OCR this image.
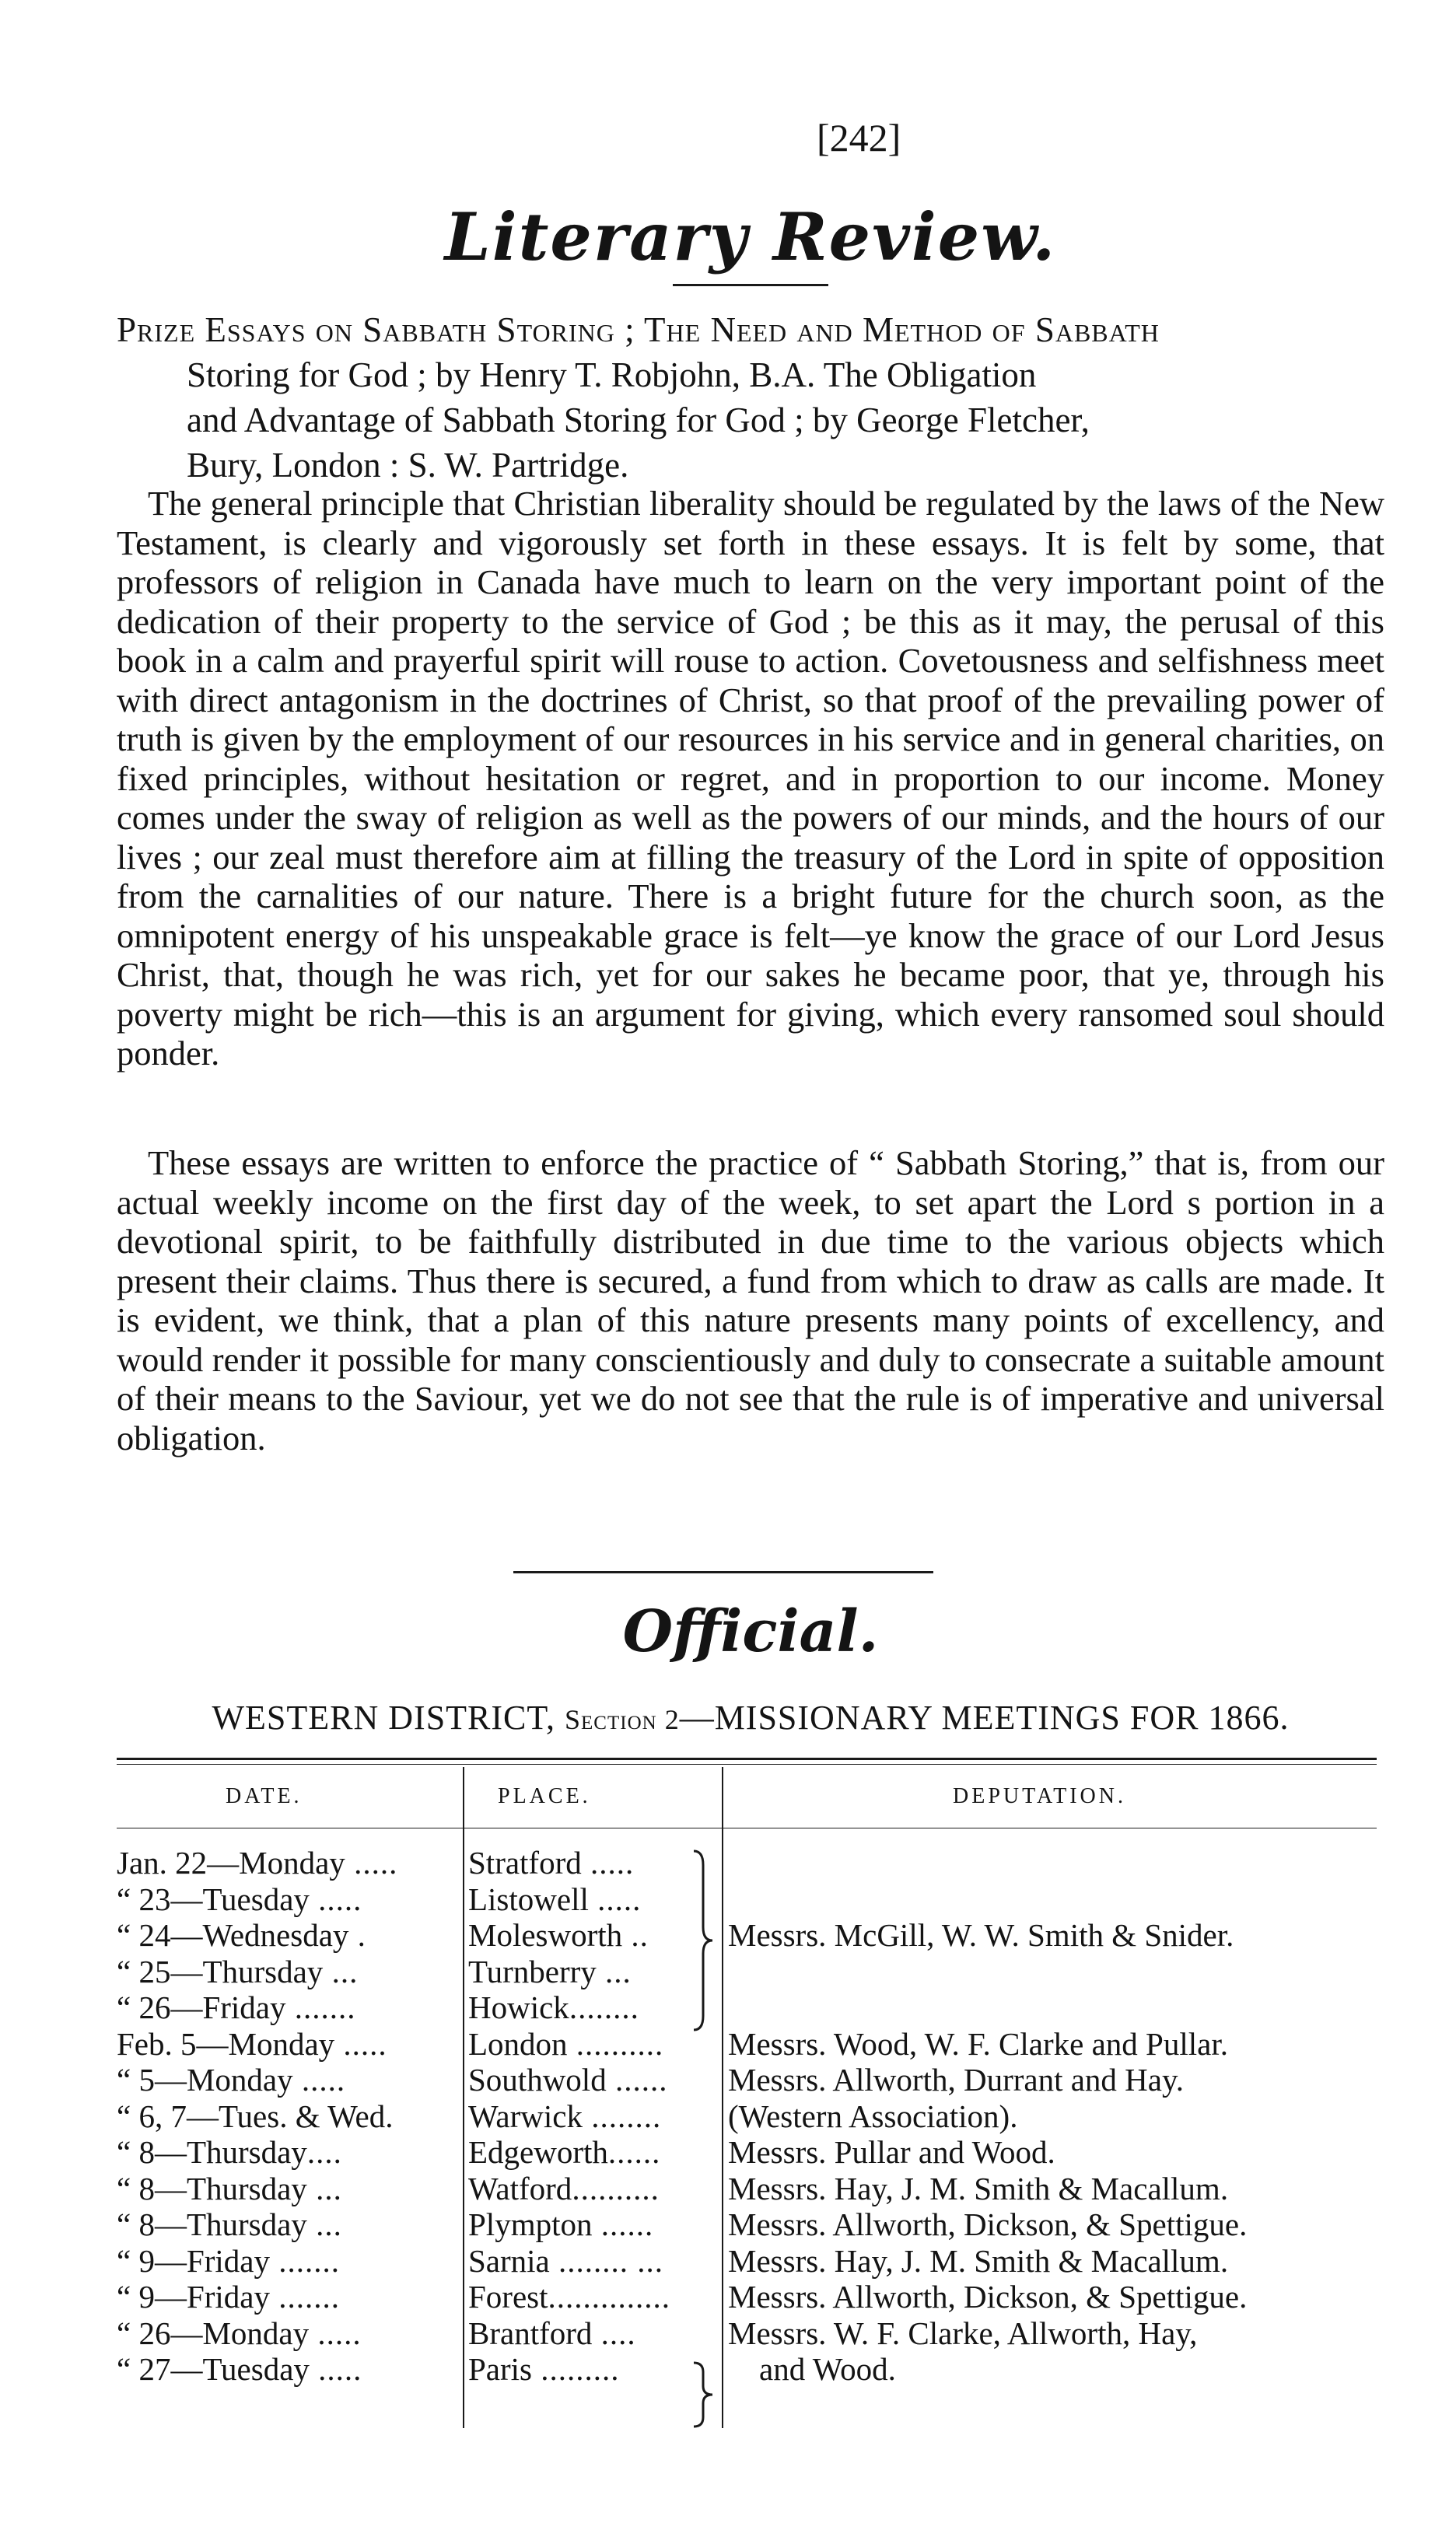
[242]
Literary Review.
Prize Essays on Sabbath Storing ; The Need and Method of Sabbath
Storing for God ; by Henry T. Robjohn, B.A. The Obligation
and Advantage of Sabbath Storing for God ; by George Fletcher,
Bury, London : S. W. Partridge.

The general principle that Christian liberality should be regulated by the laws of the New Testament, is clearly and vigorously set forth in these essays. It is felt by some, that professors of religion in Canada have much to learn on the very important point of the dedication of their property to the service of God ; be this as it may, the perusal of this book in a calm and prayerful spirit will rouse to action. Covetousness and selfishness meet with direct antagonism in the doctrines of Christ, so that proof of the prevailing power of truth is given by the employment of our resources in his service and in general charities, on fixed principles, without hesitation or regret, and in proportion to our income. Money comes under the sway of religion as well as the powers of our minds, and the hours of our lives ; our zeal must therefore aim at filling the treasury of the Lord in spite of opposition from the carnalities of our nature. There is a bright future for the church soon, as the omnipotent energy of his unspeakable grace is felt—ye know the grace of our Lord Jesus Christ, that, though he was rich, yet for our sakes he became poor, that ye, through his poverty might be rich—this is an argument for giving, which every ransomed soul should ponder.

These essays are written to enforce the practice of “ Sabbath Storing,” that is, from our actual weekly income on the first day of the week, to set apart the Lord s portion in a devotional spirit, to be faithfully distributed in due time to the various objects which present their claims. Thus there is secured, a fund from which to draw as calls are made. It is evident, we think, that a plan of this nature presents many points of excellency, and would render it possible for many conscientiously and duly to consecrate a suitable amount of their means to the Saviour, yet we do not see that the rule is of imperative and universal obligation.

Official.
WESTERN DISTRICT, Section 2—MISSIONARY MEETINGS FOR 1866.
DATE.	PLACE.	DEPUTATION.
Jan. 22—Monday .....	Stratford .....
“ 23—Tuesday .....	Listowell .....
“ 24—Wednesday .	Molesworth ..	Messrs. McGill, W. W. Smith & Snider.
“ 25—Thursday ...	Turnberry ...
“ 26—Friday .......	Howick........
Feb. 5—Monday .....	London ..........	Messrs. Wood, W. F. Clarke and Pullar.
“ 5—Monday .....	Southwold ......	Messrs. Allworth, Durrant and Hay.
“ 6, 7—Tues. & Wed.	Warwick ........	(Western Association).
“ 8—Thursday....	Edgeworth......	Messrs. Pullar and Wood.
“ 8—Thursday ...	Watford..........	Messrs. Hay, J. M. Smith & Macallum.
“ 8—Thursday ...	Plympton ......	Messrs. Allworth, Dickson, & Spettigue.
“ 9—Friday .......	Sarnia ........ ...	Messrs. Hay, J. M. Smith & Macallum.
“ 9—Friday .......	Forest..............	Messrs. Allworth, Dickson, & Spettigue.
“ 26—Monday .....	Brantford ....	Messrs. W. F. Clarke, Allworth, Hay,
“ 27—Tuesday .....	Paris .........	and Wood.
